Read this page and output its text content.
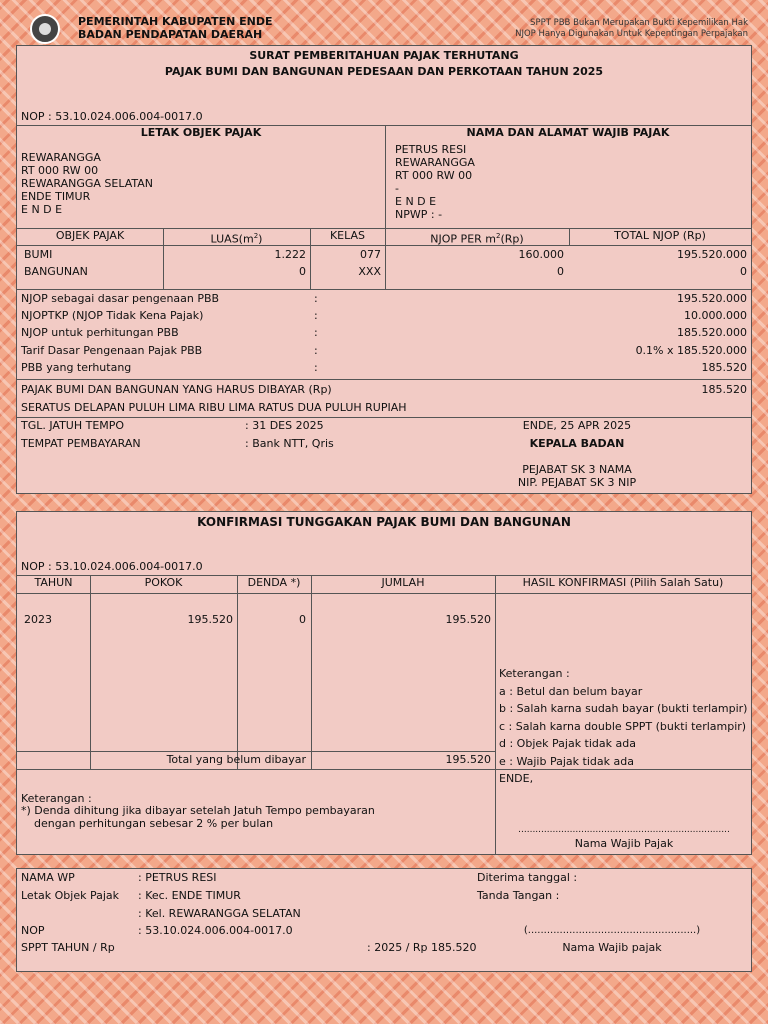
PEMERINTAH KABUPATEN ENDE
BADAN PENDAPATAN DAERAH
SPPT PBB Bukan Merupakan Bukti Kepemilikan Hak
NJOP Hanya Digunakan Untuk Kepentingan Perpajakan
SURAT PEMBERITAHUAN PAJAK TERHUTANG
PAJAK BUMI DAN BANGUNAN PEDESAAN DAN PERKOTAAN TAHUN 2025
NOP : 53.10.024.006.004-0017.0
LETAK OBJEK PAJAK	NAMA DAN ALAMAT WAJIB PAJAK
REWARANGGA
RT 000 RW 00
REWARANGGA SELATAN
ENDE TIMUR
E N D E
PETRUS RESI
REWARANGGA
RT 000 RW 00
-
E N D E
NPWP : -
OBJEK PAJAK	$LUAS(m^2)$	KELAS	NJOP PER $m^2(Rp)$	TOTAL NJOP (Rp)
BUMI	1.222	077	160.000	195.520.000
BANGUNAN	0	XXX	0	0
NJOP sebagai dasar pengenaan PBB	:	195.520.000
NJOPTKP (NJOP Tidak Kena Pajak)	:	10.000.000
NJOP untuk perhitungan PBB	:	185.520.000
Tarif Dasar Pengenaan Pajak PBB	:	0.1% x 185.520.000
PBB yang terhutang	:	185.520
PAJAK BUMI DAN BANGUNAN YANG HARUS DIBAYAR (Rp)	185.520
SERATUS DELAPAN PULUH LIMA RIBU LIMA RATUS DUA PULUH RUPIAH
TGL. JATUH TEMPO	: 31 DES 2025
TEMPAT PEMBAYARAN	: Bank NTT, Qris
ENDE, 25 APR 2025
KEPALA BADAN
PEJABAT SK 3 NAMA
NIP. PEJABAT SK 3 NIP
KONFIRMASI TUNGGAKAN PAJAK BUMI DAN BANGUNAN
NOP : 53.10.024.006.004-0017.0
TAHUN	POKOK	DENDA *)	JUMLAH	HASIL KONFIRMASI (Pilih Salah Satu)
2023	195.520	0	195.520
Keterangan :
a : Betul dan belum bayar
b : Salah karna sudah bayar (bukti terlampir)
c : Salah karna double SPPT (bukti terlampir)
d : Objek Pajak tidak ada
e : Wajib Pajak tidak ada
Total yang belum dibayar	195.520
ENDE,
Keterangan :
*) Denda dihitung jika dibayar setelah Jatuh Tempo pembayaran
dengan perhitungan sebesar 2 % per bulan	..........................................................................
Nama Wajib Pajak
NAMA WP	: PETRUS RESI
Letak Objek Pajak : Kec. ENDE TIMUR
: Kel. REWARANGGA SELATAN
NOP	: 53.10.024.006.004-0017.0
SPPT TAHUN / Rp	: 2025 / Rp 185.520
Diterima tanggal :
Tanda Tangan :
(.....................................................)
Nama Wajib pajak
